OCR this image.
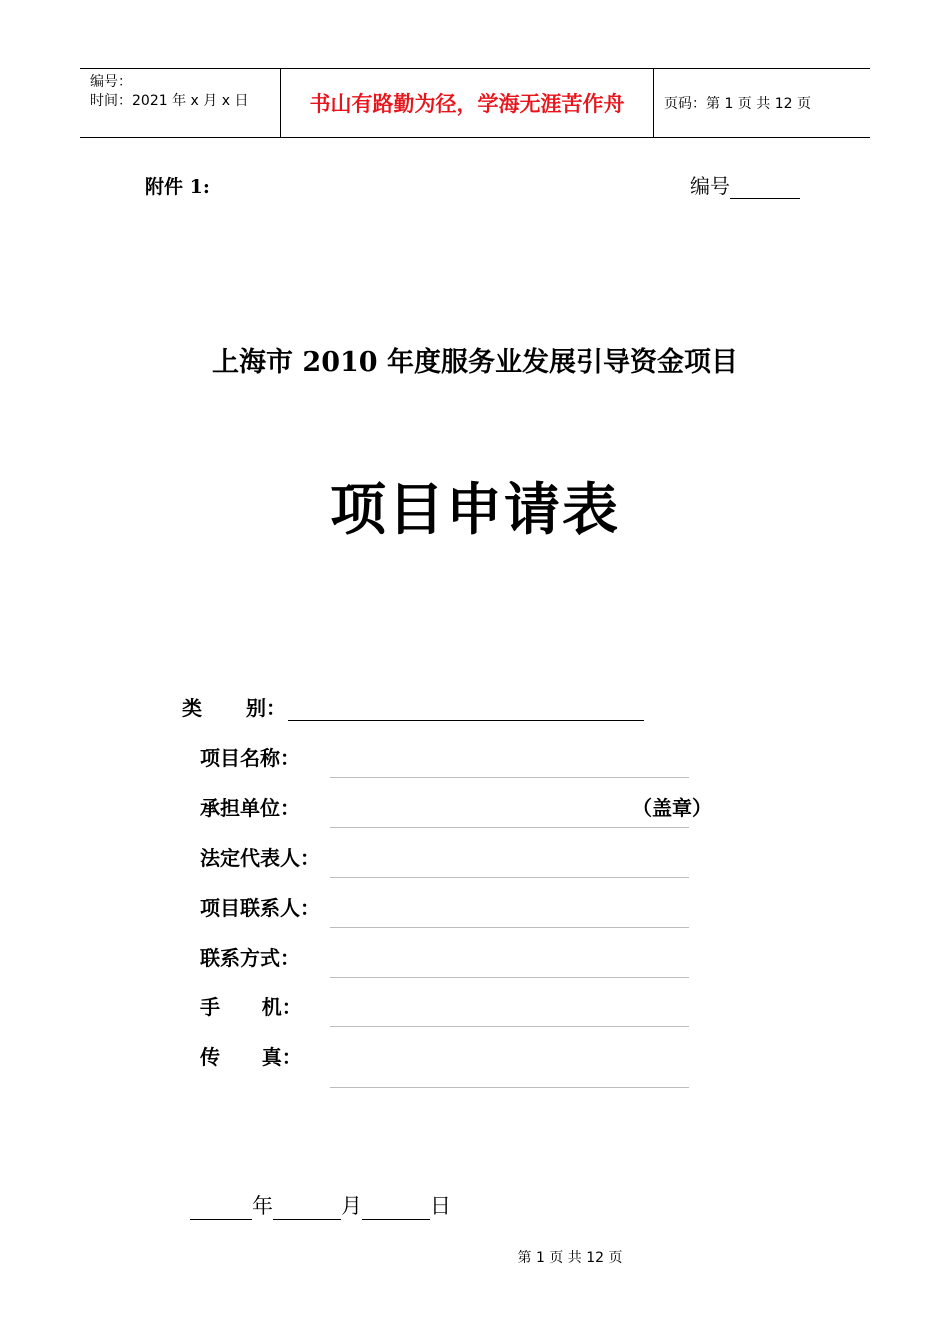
编号：
时间：2021 年 x 月 x 日	书山有路勤为径，学海无涯苦作舟	页码：第 1 页 共 12 页
附件 1:	编号
上海市 2010 年度服务业发展引导资金项目
项目申请表
类 别：
项目名称：
承担单位：	（盖章）
法定代表人：
项目联系人：
联系方式：
手      机：
传      真：
年	月	日
第 1 页 共 12 页
